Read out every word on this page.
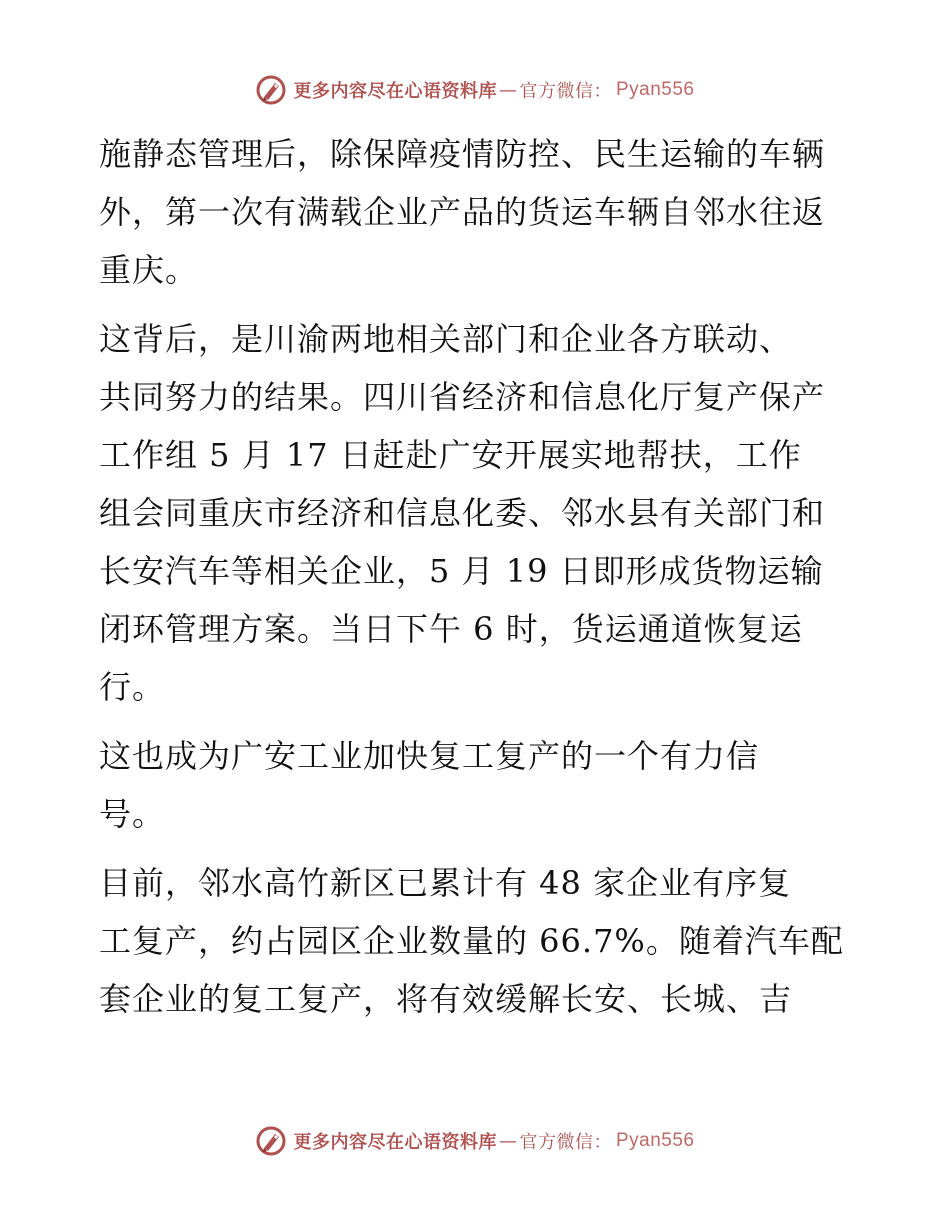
更多内容尽在心语资料库 — 官方微信： Pyan556
施静态管理后，除保障疫情防控、民生运输的车辆
外，第一次有满载企业产品的货运车辆自邻水往返
重庆。
这背后，是川渝两地相关部门和企业各方联动、
共同努力的结果。四川省经济和信息化厅复产保产
工作组 5 月 17 日赶赴广安开展实地帮扶，工作
组会同重庆市经济和信息化委、邻水县有关部门和
长安汽车等相关企业，5 月 19 日即形成货物运输
闭环管理方案。当日下午 6 时，货运通道恢复运
行。
这也成为广安工业加快复工复产的一个有力信
号。
目前，邻水高竹新区已累计有 48 家企业有序复
工复产，约占园区企业数量的 66.7%。随着汽车配
套企业的复工复产，将有效缓解长安、长城、吉
更多内容尽在心语资料库 — 官方微信： Pyan556
